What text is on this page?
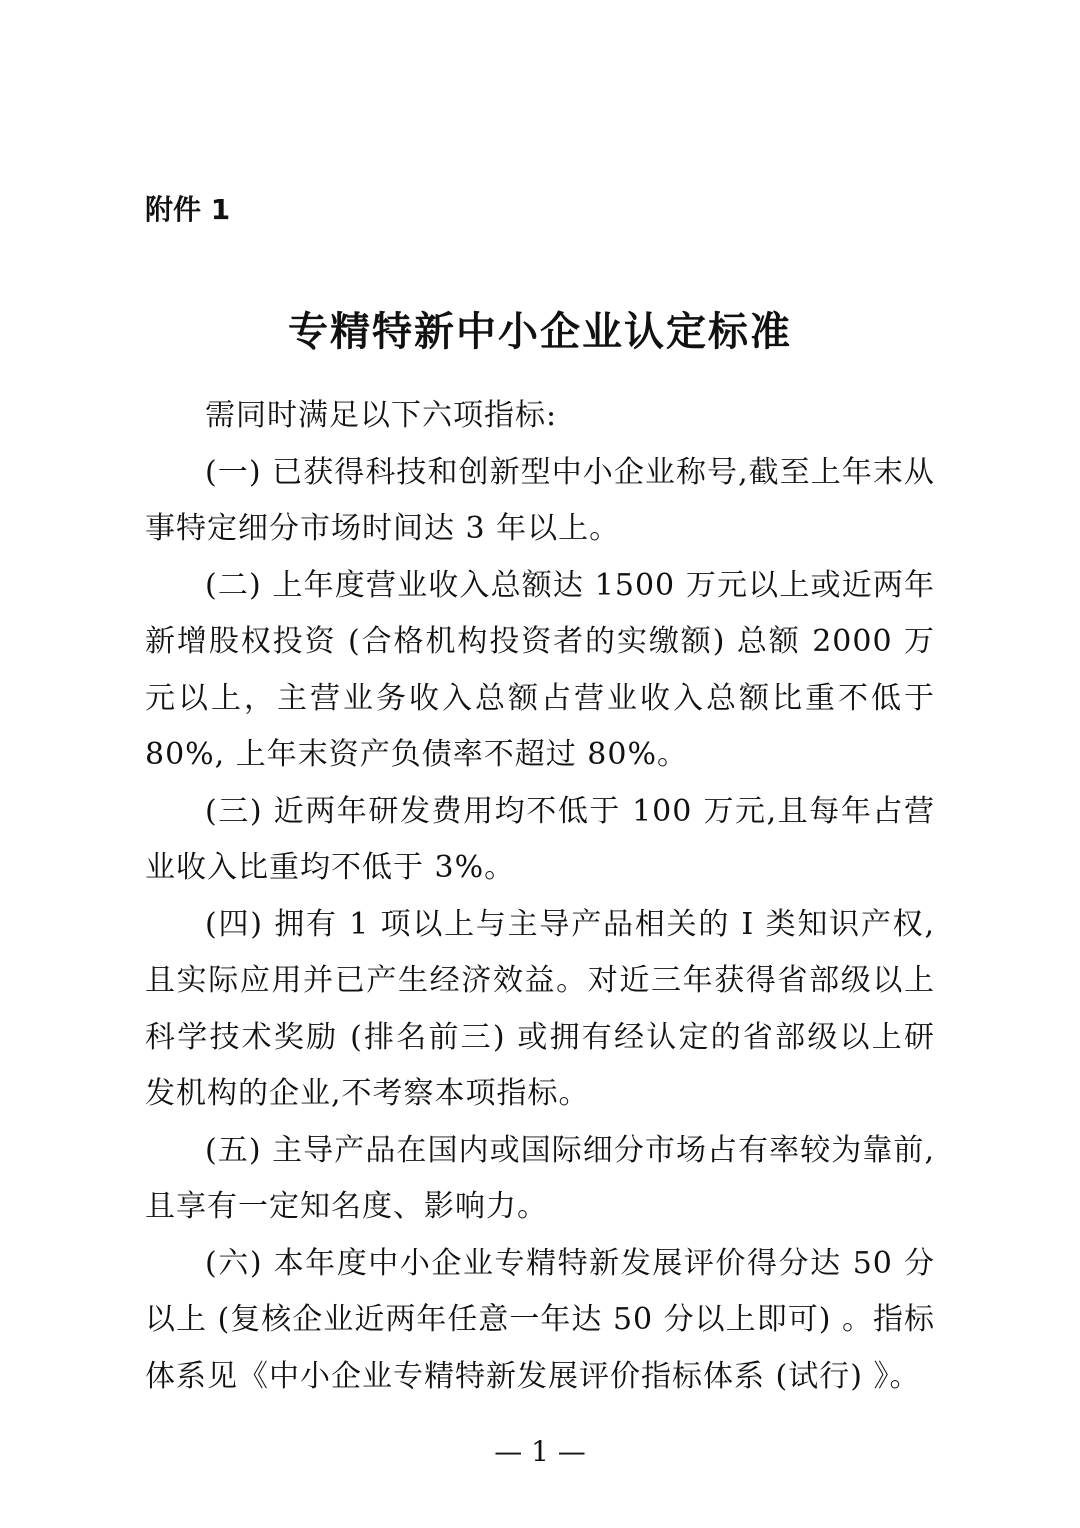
附件 1
专精特新中小企业认定标准

需同时满足以下六项指标:

(一) 已获得科技和创新型中小企业称号,截至上年末从事特定细分市场时间达 3 年以上。

(二) 上年度营业收入总额达 1500 万元以上或近两年新增股权投资 (合格机构投资者的实缴额) 总额 2000 万元以上，主营业务收入总额占营业收入总额比重不低于 80%, 上年末资产负债率不超过 80%。

(三) 近两年研发费用均不低于 100 万元,且每年占营业收入比重均不低于 3%。

(四) 拥有 1 项以上与主导产品相关的 I 类知识产权,且实际应用并已产生经济效益。对近三年获得省部级以上科学技术奖励 (排名前三) 或拥有经认定的省部级以上研发机构的企业,不考察本项指标。

(五) 主导产品在国内或国际细分市场占有率较为靠前,且享有一定知名度、影响力。

(六) 本年度中小企业专精特新发展评价得分达 50 分以上 (复核企业近两年任意一年达 50 分以上即可) 。指标体系见《中小企业专精特新发展评价指标体系 (试行) 》。

— 1 —
